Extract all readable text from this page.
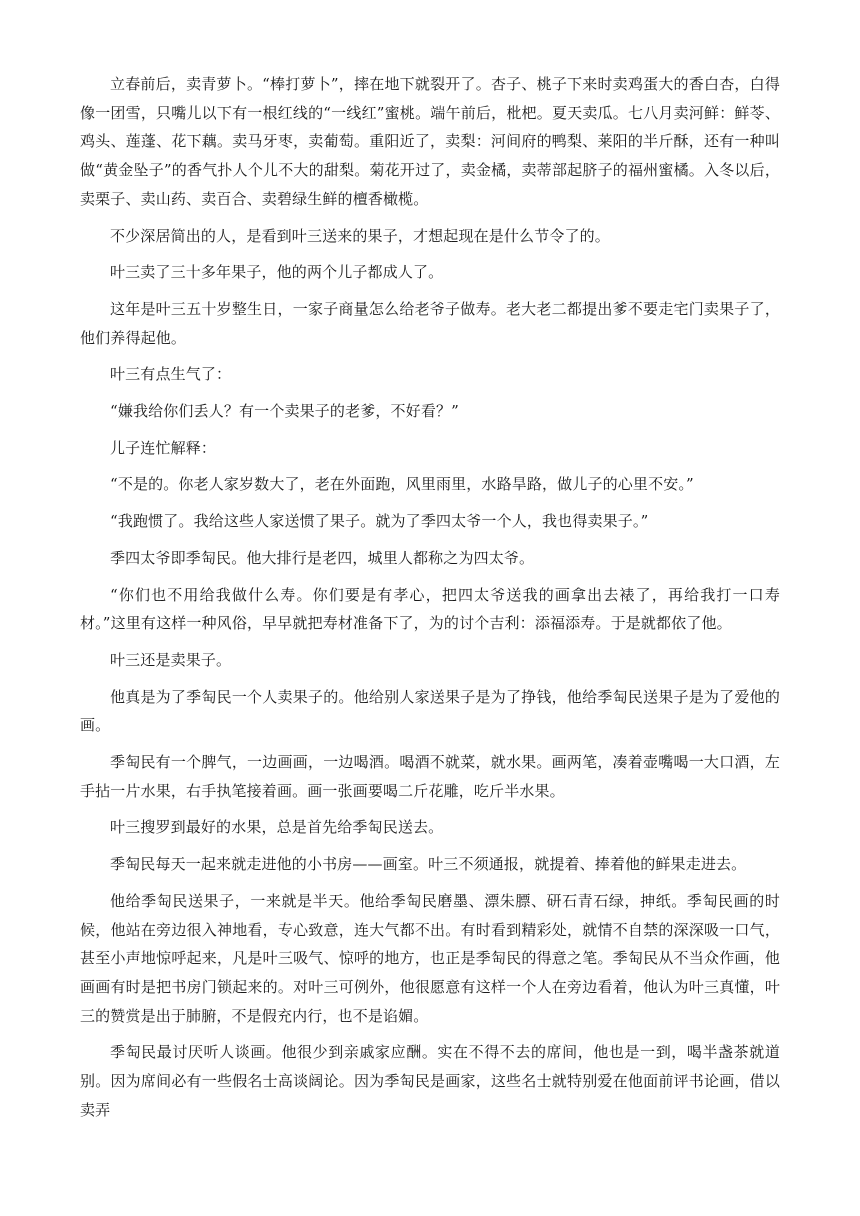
立春前后，卖青萝卜。“棒打萝卜”，摔在地下就裂开了。杏子、桃子下来时卖鸡蛋大的香白杏，白得像一团雪，只嘴儿以下有一根红线的“一线红”蜜桃。端午前后，枇杷。夏天卖瓜。七八月卖河鲜：鲜苓、鸡头、莲蓬、花下藕。卖马牙枣，卖葡萄。重阳近了，卖梨：河间府的鸭梨、莱阳的半斤酥，还有一种叫做“黄金坠子”的香气扑人个儿不大的甜梨。菊花开过了，卖金橘，卖蒂部起脐子的福州蜜橘。入冬以后，卖栗子、卖山药、卖百合、卖碧绿生鲜的檀香橄榄。

不少深居简出的人，是看到叶三送来的果子，才想起现在是什么节令了的。

叶三卖了三十多年果子，他的两个儿子都成人了。

这年是叶三五十岁整生日，一家子商量怎么给老爷子做寿。老大老二都提出爹不要走宅门卖果子了，他们养得起他。

叶三有点生气了：

“嫌我给你们丢人？有一个卖果子的老爹，不好看？”

儿子连忙解释：

“不是的。你老人家岁数大了，老在外面跑，风里雨里，水路旱路，做儿子的心里不安。”

“我跑惯了。我给这些人家送惯了果子。就为了季四太爷一个人，我也得卖果子。”

季四太爷即季匋民。他大排行是老四，城里人都称之为四太爷。

“你们也不用给我做什么寿。你们要是有孝心，把四太爷送我的画拿出去裱了，再给我打一口寿材。”这里有这样一种风俗，早早就把寿材准备下了，为的讨个吉利：添福添寿。于是就都依了他。

叶三还是卖果子。

他真是为了季匋民一个人卖果子的。他给别人家送果子是为了挣钱，他给季匋民送果子是为了爱他的画。

季匋民有一个脾气，一边画画，一边喝酒。喝酒不就菜，就水果。画两笔，凑着壶嘴喝一大口酒，左手拈一片水果，右手执笔接着画。画一张画要喝二斤花雕，吃斤半水果。

叶三搜罗到最好的水果，总是首先给季匋民送去。

季匋民每天一起来就走进他的小书房——画室。叶三不须通报，就提着、捧着他的鲜果走进去。

他给季匋民送果子，一来就是半天。他给季匋民磨墨、漂朱膘、研石青石绿，抻纸。季匋民画的时候，他站在旁边很入神地看，专心致意，连大气都不出。有时看到精彩处，就情不自禁的深深吸一口气，甚至小声地惊呼起来，凡是叶三吸气、惊呼的地方，也正是季匋民的得意之笔。季匋民从不当众作画，他画画有时是把书房门锁起来的。对叶三可例外，他很愿意有这样一个人在旁边看着，他认为叶三真懂，叶三的赞赏是出于肺腑，不是假充内行，也不是谄媚。

季匋民最讨厌听人谈画。他很少到亲戚家应酬。实在不得不去的席间，他也是一到，喝半盏茶就道别。因为席间必有一些假名士高谈阔论。因为季匋民是画家，这些名士就特别爱在他面前评书论画，借以卖弄
